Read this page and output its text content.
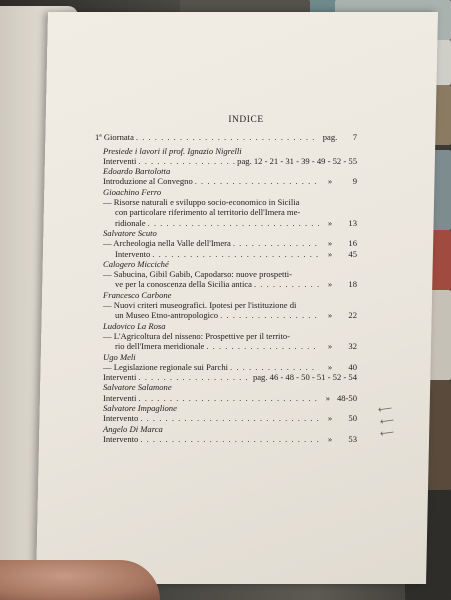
INDICE
1ª Giornata . . .	pag.	7
Presiede i lavori il prof. Ignazio Nigrelli
Interventi . . .	pag. 12 - 21 - 31 - 39 - 49 - 52 - 55
Edoardo Bartolotta
Introduzione al Convegno . . .	»	9
Gioachino Ferro
— Risorse naturali e sviluppo socio-economico in Sicilia
con particolare riferimento al territorio dell'Imera me-
ridionale . . .	»	13
Salvatore Scuto
— Archeologia nella Valle dell'Imera . . .	»	16
Intervento . . .	»	45
Calogero Micciché
— Sabucina, Gibil Gabib, Capodarso: nuove prospetti-
ve per la conoscenza della Sicilia antica . . .	»	18
Francesco Carbone
— Nuovi criteri museografici. Ipotesi per l'istituzione di
un Museo Etno-antropologico . . .	»	22
Ludovico La Rosa
— L'Agricoltura del nisseno: Prospettive per il territo-
rio dell'Imera meridionale . . .	»	32
Ugo Meli
— Legislazione regionale sui Parchi . . .	»	40
Interventi . . .	pag. 46 - 48 - 50 - 51 - 52 - 54
Salvatore Salamone
Interventi . . .	» 48-50
Salvatore Impaglione
Intervento . . .	»	50
Angelo Di Marca
Intervento . . .	»	53
⟵
⟵
⟵
